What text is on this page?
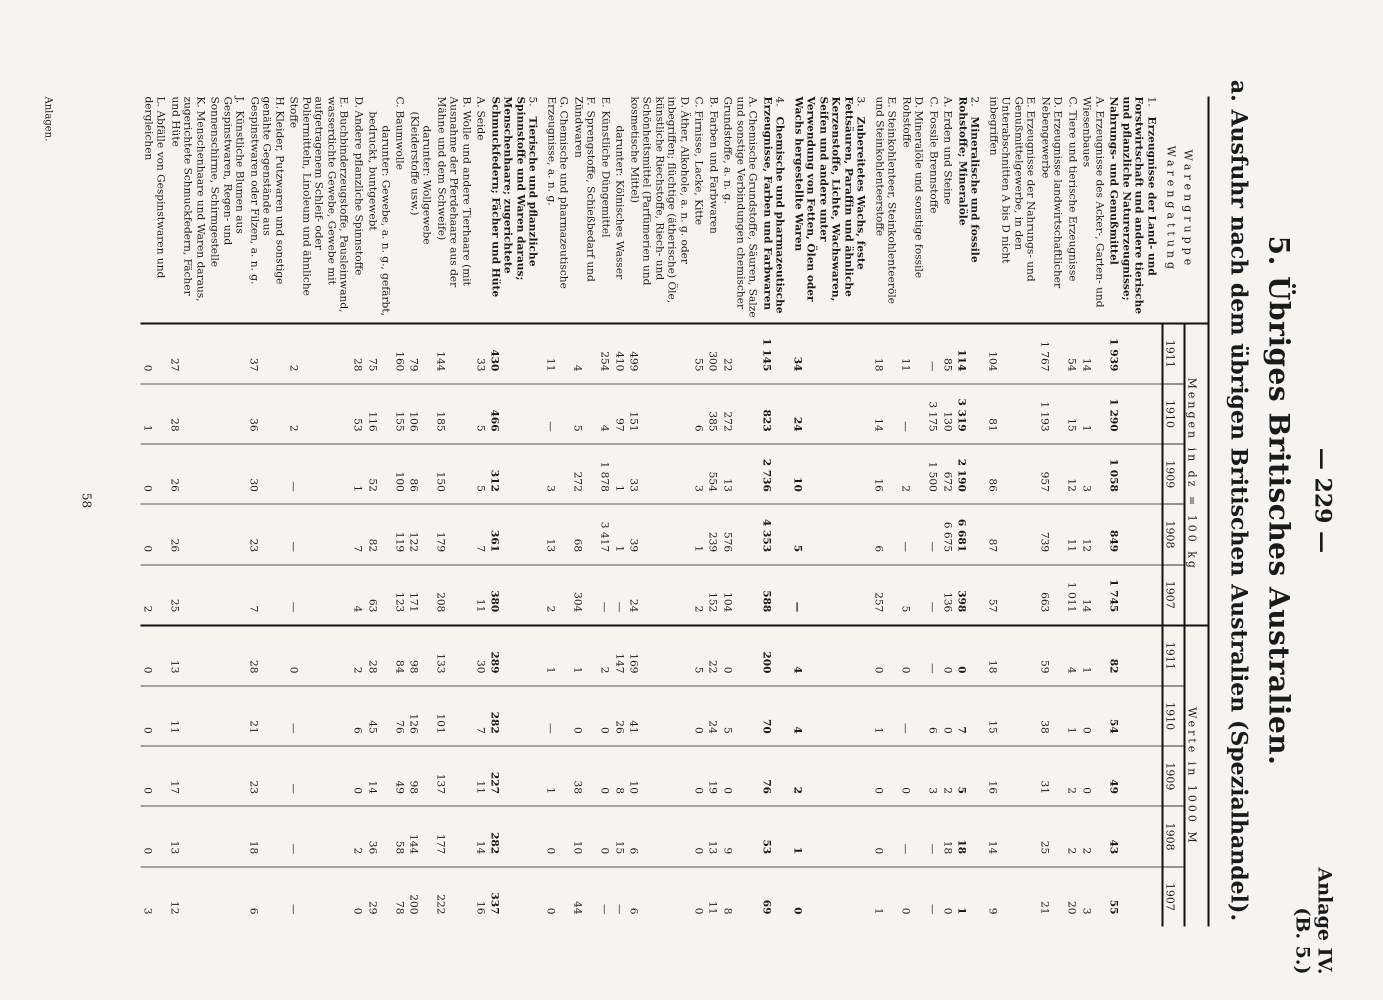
— 229 —
Anlage IV.
(B. 5.)
5. Übriges Britisches Australien.
a. Ausfuhr nach dem übrigen Britischen Australien (Spezialhandel).
Warengruppe
Warengattung	Mengen in dz = 100 kg					Werte in 1000 M				
	1911	1910	1909	1908	1907	1911	1910	1909	1908	1907
1.Erzeugnisse der Land- und Forstwirtschaft und andere tierische und pflanzliche Naturerzeugnisse; Nahrungs- und Genußmittel	1 939	1 290	1 058	849	1 745	82	54	49	43	55
A.Erzeugnisse des Acker-, Garten- und Wiesenbaues	14	1	3	12	14	1	0	0	2	3
C.Tiere und tierische Erzeugnisse	54	15	12	11	1 011	4	1	2	2	20
D.Erzeugnisse landwirtschaftlicher Nebengewerbe	1 767	1 193	957	739	663	59	38	31	25	21
E.Erzeugnisse der Nahrungs- und Genußmittelgewerbe, in den Unterabschnitten A bis D nicht inbegriffen	104	81	86	87	57	18	15	16	14	9
2.Mineralische und fossile Rohstoffe; Mineralöle	114	3 319	2 190	6 681	398	0	7	5	18	1
A.Erden und Steine	85	130	672	6 675	136	0	0	2	18	0
C.Fossile Brennstoffe	—	3 175	1 500	—	—	—	6	3	—	—
D.Mineralöle und sonstige fossile Rohstoffe	11	—	2	—	5	0	—	0	—	0
E.Steinkohlenteer, Steinkohlenteeröle und Steinkohlenteerstoffe	18	14	16	6	257	0	1	0	0	1
3.Zubereitetes Wachs, feste Fettsäuren, Paraffin und ähnliche Kerzenstoffe, Lichte, Wachswaren, Seifen und andere unter Verwendung von Fetten, Ölen oder Wachs hergestellte Waren	34	24	10	5	—	4	4	2	1	0
4.Chemische und pharmazeutische Erzeugnisse, Farben und Farbwaren	1 145	823	2 736	4 353	588	200	70	76	53	69
A.Chemische Grundstoffe, Säuren, Salze und sonstige Verbindungen chemischer Grundstoffe, a. n. g.	22	272	13	576	104	0	5	0	9	8
B.Farben und Farbwaren	300	385	554	239	152	22	24	19	13	11
C.Firnisse, Lacke, Kitte	55	6	3	1	2	5	0	0	0	0
D.Äther, Alkohole, a. n. g. oder inbegriffen; flüchtige (ätherische) Öle, künstliche Riechstoffe, Riech- und Schönheitsmittel (Parfümerien und kosmetische Mittel)	499	151	33	39	24	169	41	10	6	6
darunter: Kölnisches Wasser	410	97	1	1	—	147	26	8	15	—
E.Künstliche Düngemittel	254	4	1 878	3 417	—	2	0	0	0	—
F.Sprengstoffe, Schießbedarf und Zündwaren	4	5	272	68	304	1	0	38	10	44
G.Chemische und pharmazeutische Erzeugnisse, a. n. g.	11	—	3	13	2	1	—	1	0	0
5.Tierische und pflanzliche Spinnstoffe und Waren daraus; Menschenhaare; zugerichtete Schmuckfedern; Fächer und Hüte	430	466	312	361	380	289	282	227	282	337
A.Seide	33	5	5	7	11	30	7	11	14	16
B.Wolle und andere Tierhaare (mit Ausnahme der Pferdehaare aus der Mähne und dem Schweife)	144	185	150	179	208	133	101	137	177	222
darunter: Wollgewebe (Kleiderstoffe usw.)	79	106	86	122	171	98	126	98	144	200
C.Baumwolle	160	155	100	119	123	84	76	49	58	78
darunter: Gewebe, a. n. g., gefärbt, bedruckt, buntgewebt	75	116	52	82	63	28	45	14	36	29
D.Andere pflanzliche Spinnstoffe	28	53	1	7	4	2	6	0	2	0
E.Buchbinderzeugstoffe, Pausleinwand, wasserdichte Gewebe, Gewebe mit aufgetragenem Schleif- oder Poliermitteln, Linoleum und ähnliche Stoffe	2	2	—	—	—	0	—	—	—	—
H.Kleider, Putzwaren und sonstige genähte Gegenstände aus Gespinstwaren oder Filzen, a. n. g.	37	36	30	23	7	28	21	23	18	6
J.Künstliche Blumen aus Gespinstwaren, Regen- und Sonnenschirme, Schirmgestelle										
K.Menschenhaare und Waren daraus, zugerichtete Schmuckfedern, Fächer und Hüte	27	28	26	26	25	13	11	17	13	12
L.Abfälle von Gespinstwaren und dergleichen	0	1	0	0	2	0	0	0	0	3
58
Anlagen.
